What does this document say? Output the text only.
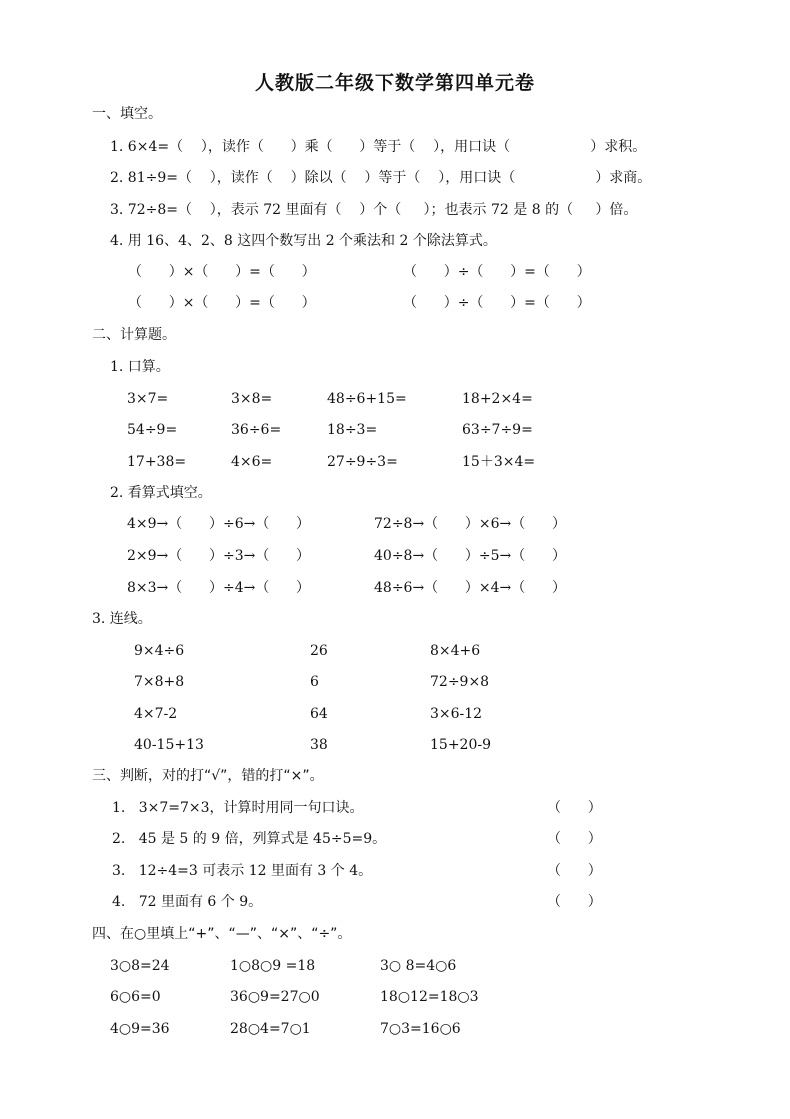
人教版二年级下数学第四单元卷
一、填空。
1. 6×4=（    ），读作（      ）乘（      ）等于（    ），用口诀（                  ）求积。
2. 81÷9=（    ），读作（    ）除以（    ）等于（    ），用口诀（                  ）求商。
3. 72÷8=（    ），表示 72 里面有（    ）个（     ）；也表示 72 是 8 的（     ）倍。
4. 用 16、4、2、8 这四个数写出 2 个乘法和 2 个除法算式。
（      ）×（      ）=（      ）	（      ）÷（      ）=（      ）
（      ）×（      ）=（      ）	（      ）÷（      ）=（      ）
二、计算题。
1. 口算。
3×7=	3×8=	48÷6+15=	18+2×4=
54÷9=	36÷6=	18÷3=	63÷7÷9=
17+38=	4×6=	27÷9÷3=	15＋3×4=
2. 看算式填空。
4×9→（      ）÷6→（      ）	72÷8→（      ）×6→（      ）
2×9→（      ）÷3→（      ）	40÷8→（      ）÷5→（      ）
8×3→（      ）÷4→（      ）	48÷6→（      ）×4→（      ）
3. 连线。
9×4÷6	26	8×4+6
7×8+8	6	72÷9×8
4×7-2	64	3×6-12
40-15+13	38	15+20-9
三、判断，对的打“√”，错的打“×”。
1.   3×7=7×3，计算时用同一句口诀。	（      ）
2.   45 是 5 的 9 倍，列算式是 45÷5=9。	（      ）
3.   12÷4=3 可表示 12 里面有 3 个 4。	（      ）
4.   72 里面有 6 个 9。	（      ）
四、在○里填上“+”、“—”、“×”、“÷”。
3○8=24	1○8○9 =18	3○ 8=4○6
6○6=0	36○9=27○0	18○12=18○3
4○9=36	28○4=7○1	7○3=16○6
